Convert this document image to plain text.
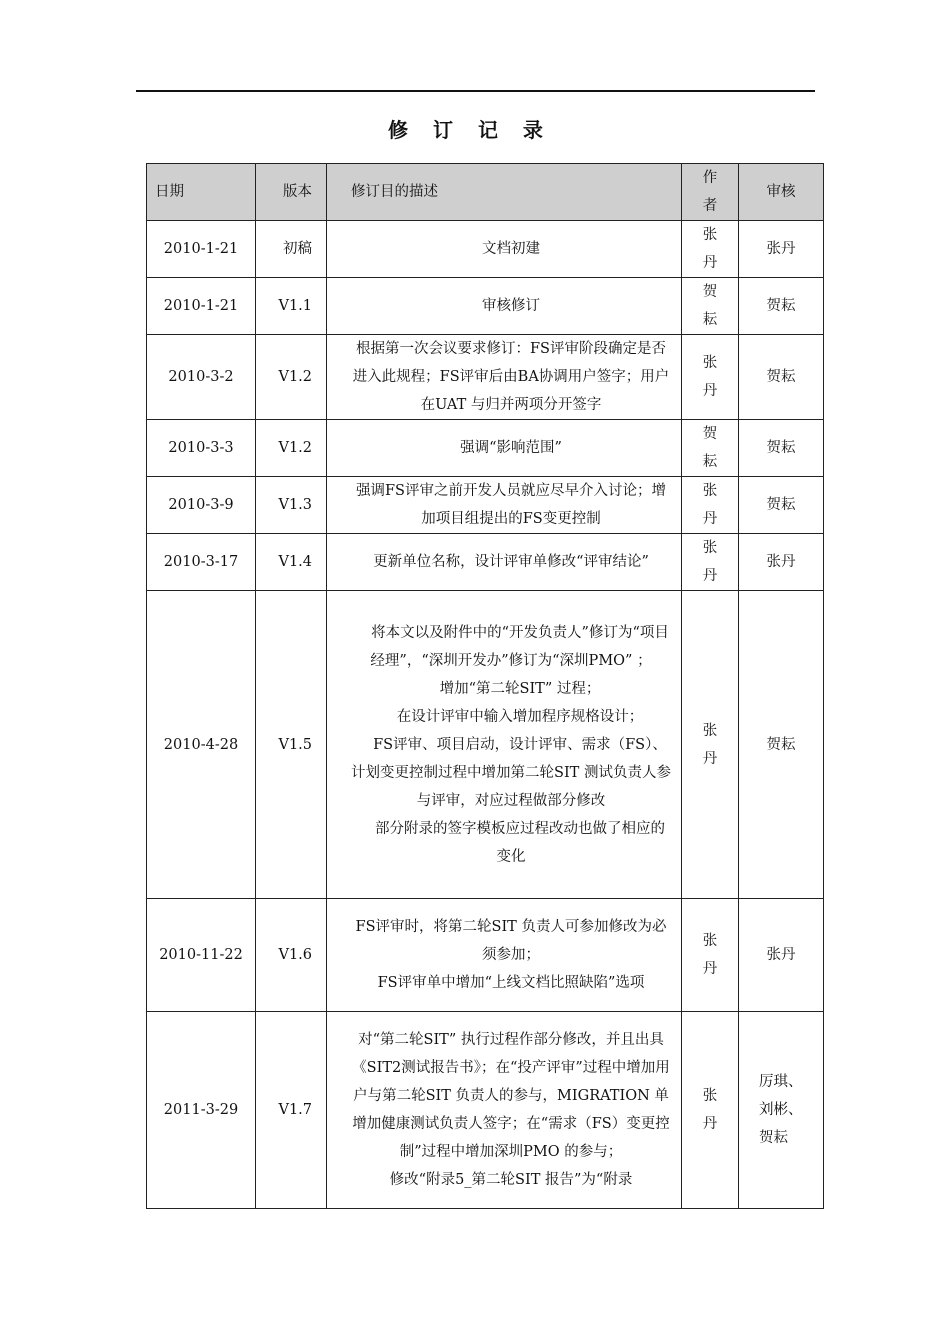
修 订 记 录
日期	版本	修订目的描述	作者	审核
2010-1-21	初稿	文档初建	张丹	张丹
2010-1-21	V1.1	审核修订	贺耘	贺耘
2010-3-2	V1.2	根据第一次会议要求修订：FS评审阶段确定是否进入此规程；FS评审后由BA协调用户签字；用户在UAT 与归并两项分开签字	张丹	贺耘
2010-3-3	V1.2	强调“影响范围”	贺耘	贺耘
2010-3-9	V1.3	强调FS评审之前开发人员就应尽早介入讨论；增加项目组提出的FS变更控制	张丹	贺耘
2010-3-17	V1.4	更新单位名称，设计评审单修改“评审结论”	张丹	张丹
2010-4-28	V1.5	将本文以及附件中的“开发负责人”修订为“项目经理”，“深圳开发办”修订为“深圳PMO” ；
增加“第二轮SIT” 过程；
在设计评审中输入增加程序规格设计；
FS评审、项目启动，设计评审、需求（FS）、计划变更控制过程中增加第二轮SIT 测试负责人参与评审，对应过程做部分修改
部分附录的签字模板应过程改动也做了相应的变化	张丹	贺耘
2010-11-22	V1.6	FS评审时，将第二轮SIT 负责人可参加修改为必须参加；
FS评审单中增加“上线文档比照缺陷”选项	张丹	张丹
2011-3-29	V1.7	对“第二轮SIT” 执行过程作部分修改，并且出具《SIT2测试报告书》；在“投产评审”过程中增加用户与第二轮SIT 负责人的参与，MIGRATION 单增加健康测试负责人签字；在“需求（FS）变更控制”过程中增加深圳PMO 的参与；
修改“附录5_第二轮SIT 报告”为“附录	张丹	厉琪、刘彬、贺耘
